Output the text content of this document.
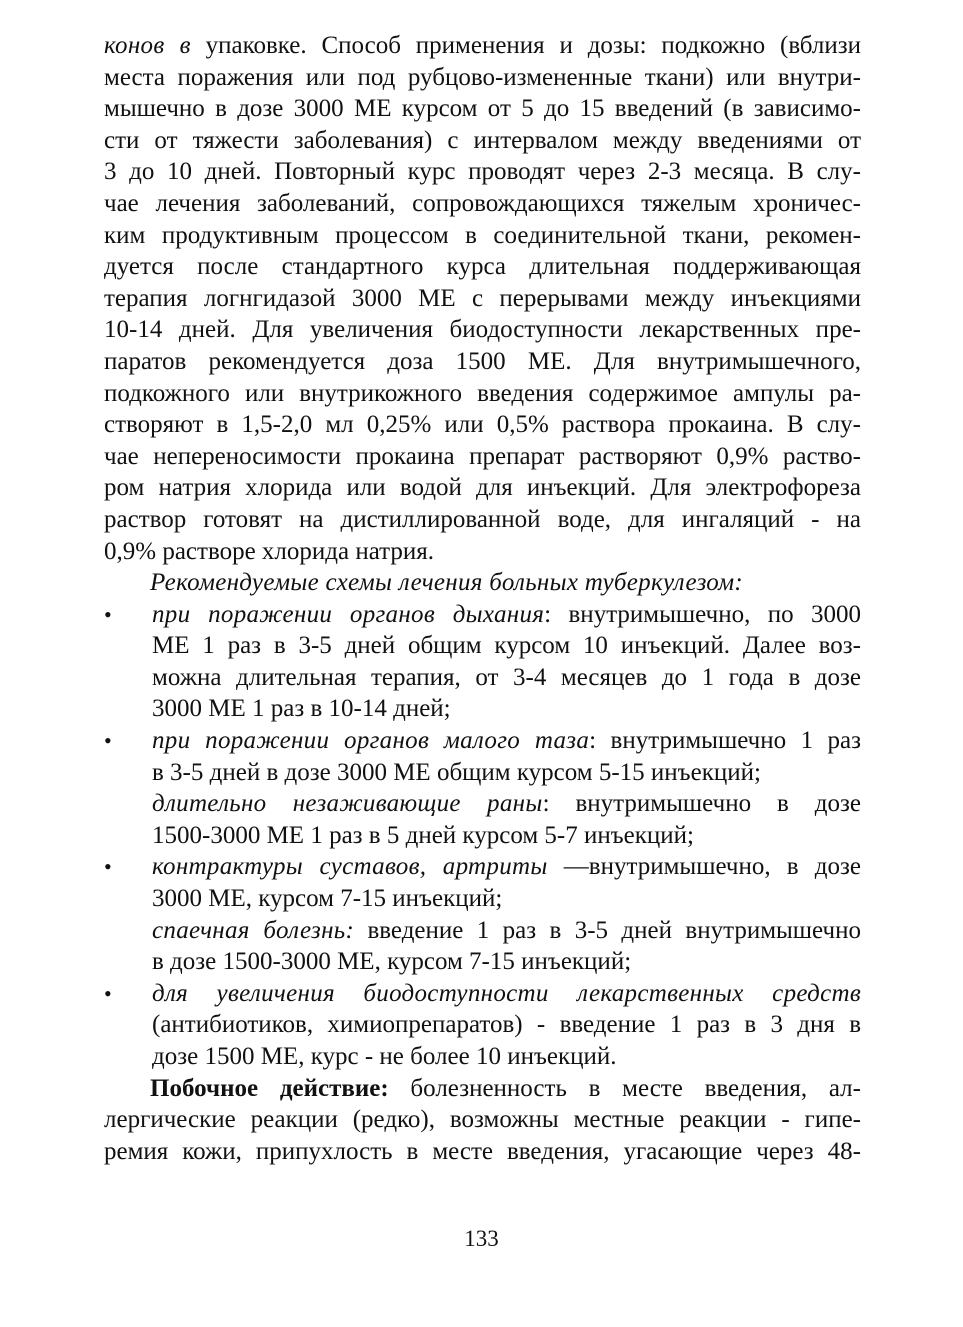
конов в упаковке. Способ применения и дозы: подкожно (вблизи
места поражения или под рубцово-измененные ткани) или внутри-
мышечно в дозе 3000 МЕ курсом от 5 до 15 введений (в зависимо-
сти от тяжести заболевания) с интервалом между введениями от
3 до 10 дней. Повторный курс проводят через 2-3 месяца. В слу-
чае лечения заболеваний, сопровождающихся тяжелым хроничес-
ким продуктивным процессом в соединительной ткани, рекомен-
дуется после стандартного курса длительная поддерживающая
терапия логнгидазой 3000 МЕ с перерывами между инъекциями
10-14 дней. Для увеличения биодоступности лекарственных пре-
паратов рекомендуется доза 1500 МЕ. Для внутримышечного,
подкожного или внутрикожного введения содержимое ампулы ра-
створяют в 1,5-2,0 мл 0,25% или 0,5% раствора прокаина. В слу-
чае непереносимости прокаина препарат растворяют 0,9% раство-
ром натрия хлорида или водой для инъекций. Для электрофореза
раствор готовят на дистиллированной воде, для ингаляций - на
0,9% растворе хлорида натрия.

Рекомендуемые схемы лечения больных туберкулезом:

• при поражении органов дыхания: внутримышечно, по 3000
МЕ 1 раз в 3-5 дней общим курсом 10 инъекций. Далее воз-
можна длительная терапия, от 3-4 месяцев до 1 года в дозе
3000 МЕ 1 раз в 10-14 дней;
• при поражении органов малого таза: внутримышечно 1 раз
в 3-5 дней в дозе 3000 МЕ общим курсом 5-15 инъекций;
длительно незаживающие раны: внутримышечно в дозе
1500-3000 МЕ 1 раз в 5 дней курсом 5-7 инъекций;
• контрактуры суставов, артриты —внутримышечно, в дозе
3000 МЕ, курсом 7-15 инъекций;
спаечная болезнь: введение 1 раз в 3-5 дней внутримышечно
в дозе 1500-3000 МЕ, курсом 7-15 инъекций;
• для увеличения биодоступности лекарственных средств
(антибиотиков, химиопрепаратов) - введение 1 раз в 3 дня в
дозе 1500 МЕ, курс - не более 10 инъекций.

Побочное действие: болезненность в месте введения, ал-
лергические реакции (редко), возможны местные реакции - гипе-
ремия кожи, припухлость в месте введения, угасающие через 48-

133
